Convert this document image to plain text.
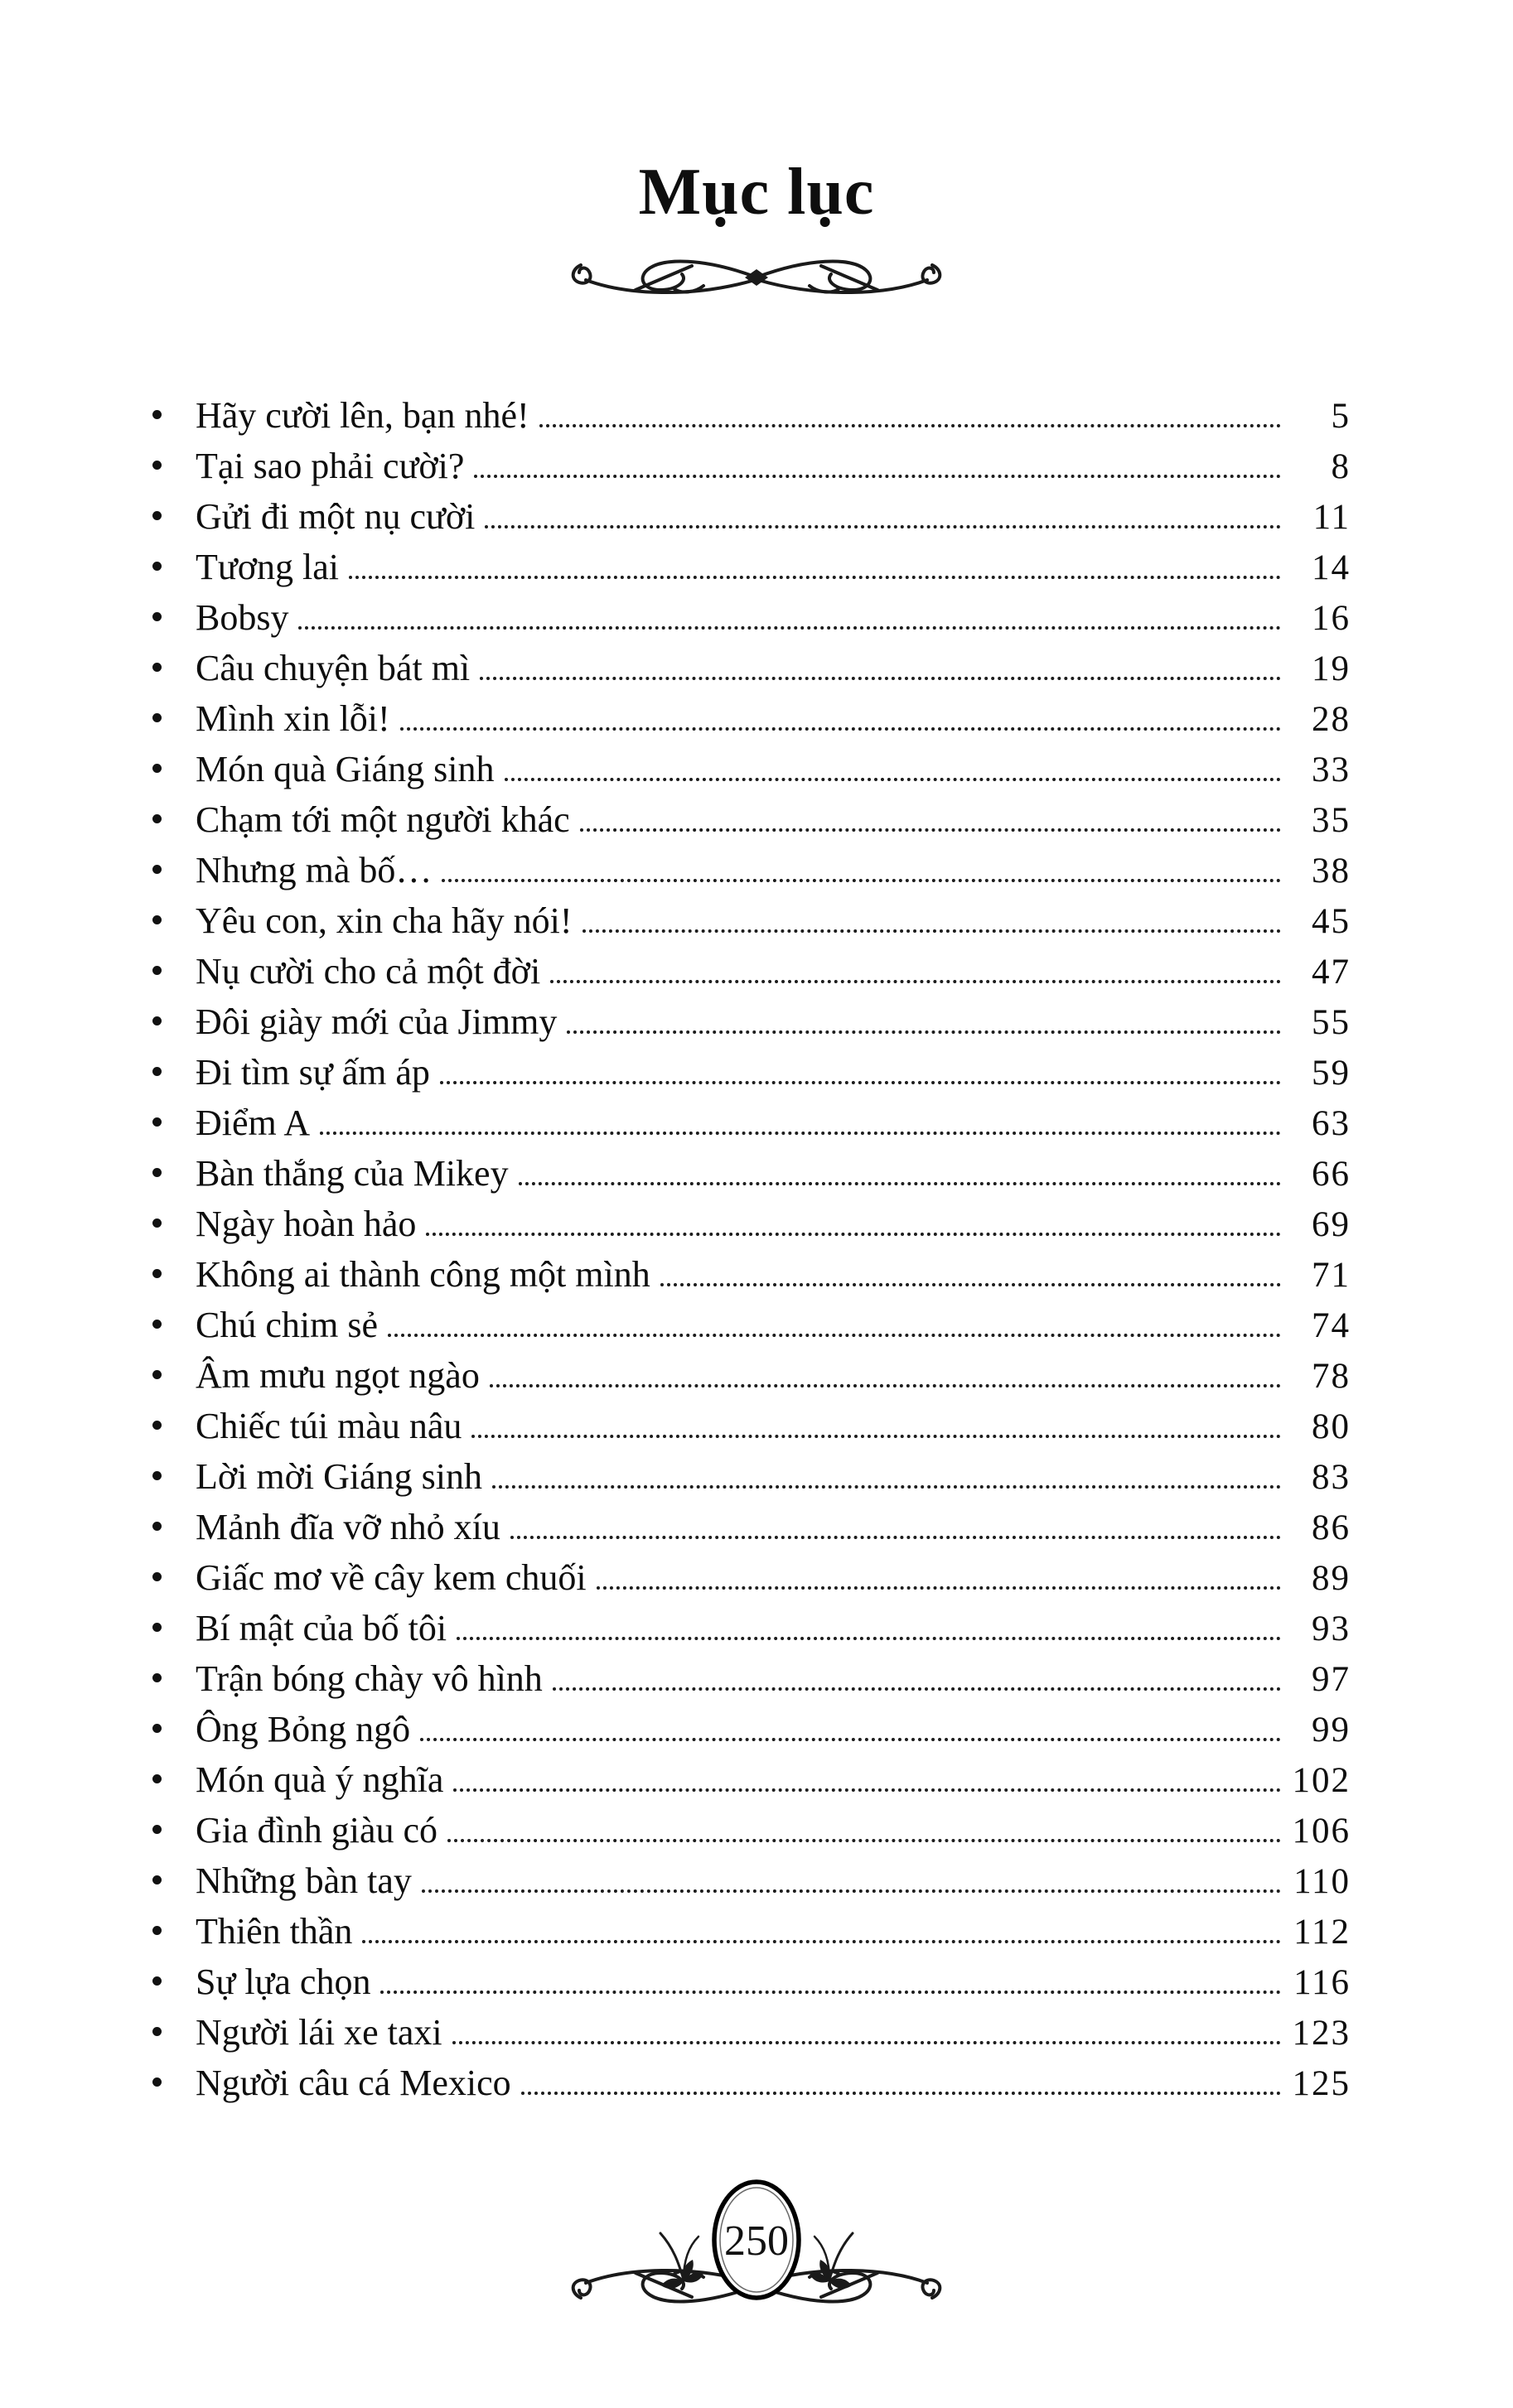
Mục lục
Hãy cười lên, bạn nhé!	5
Tại sao phải cười?	8
Gửi đi một nụ cười	11
Tương lai	14
Bobsy	16
Câu chuyện bát mì	19
Mình xin lỗi!	28
Món quà Giáng sinh	33
Chạm tới một người khác	35
Nhưng mà bố…	38
Yêu con, xin cha hãy nói!	45
Nụ cười cho cả một đời	47
Đôi giày mới của Jimmy	55
Đi tìm sự ấm áp	59
Điểm A	63
Bàn thắng của Mikey	66
Ngày hoàn hảo	69
Không ai thành công một mình	71
Chú chim sẻ	74
Âm mưu ngọt ngào	78
Chiếc túi màu nâu	80
Lời mời Giáng sinh	83
Mảnh đĩa vỡ nhỏ xíu	86
Giấc mơ về cây kem chuối	89
Bí mật của bố tôi	93
Trận bóng chày vô hình	97
Ông Bỏng ngô	99
Món quà ý nghĩa	102
Gia đình giàu có	106
Những bàn tay	110
Thiên thần	112
Sự lựa chọn	116
Người lái xe taxi	123
Người câu cá Mexico	125
250
